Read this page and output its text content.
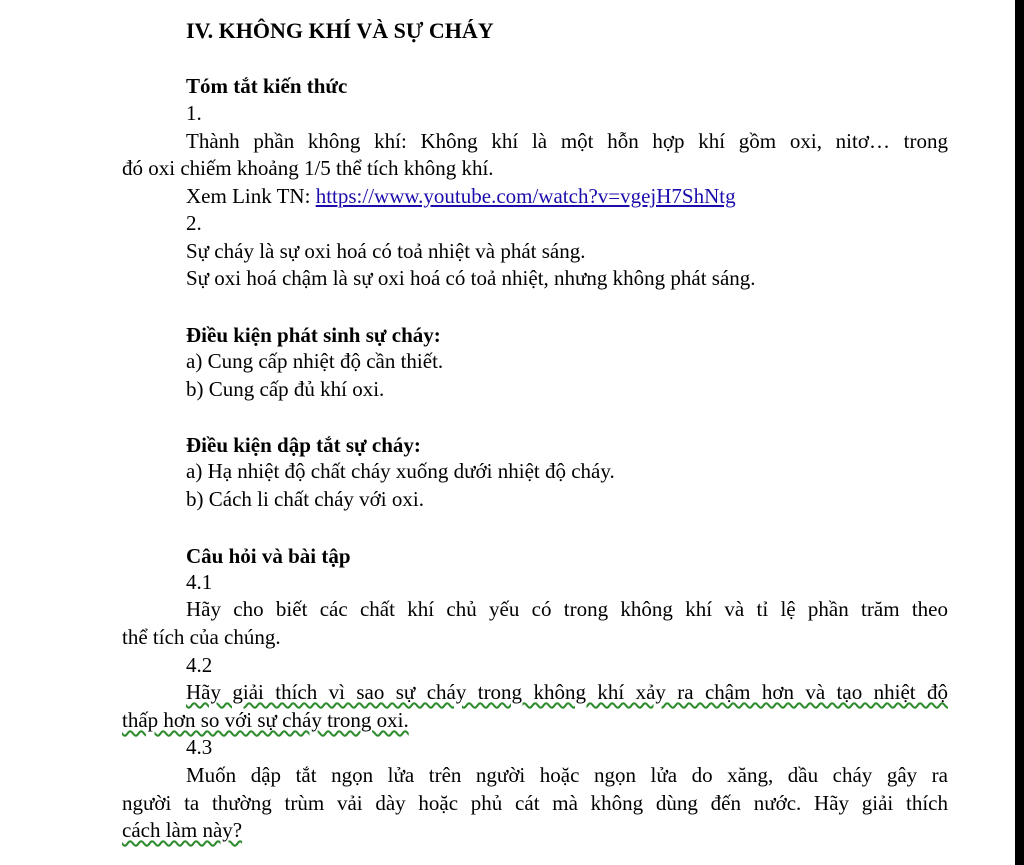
IV. KHÔNG KHÍ VÀ SỰ CHÁY
Tóm tắt kiến thức
1.
Thành phần không khí: Không khí là một hỗn hợp khí gồm oxi, nitơ… trong
đó oxi chiếm khoảng 1/5 thể tích không khí.
Xem Link TN: https://www.youtube.com/watch?v=vgejH7ShNtg
2.
Sự cháy là sự oxi hoá có toả nhiệt và phát sáng.
Sự oxi hoá chậm là sự oxi hoá có toả nhiệt, nhưng không phát sáng.
Điều kiện phát sinh sự cháy:
a) Cung cấp nhiệt độ cần thiết.
b) Cung cấp đủ khí oxi.
Điều kiện dập tắt sự cháy:
a) Hạ nhiệt độ chất cháy xuống dưới nhiệt độ cháy.
b) Cách li chất cháy với oxi.
Câu hỏi và bài tập
4.1
Hãy cho biết các chất khí chủ yếu có trong không khí và tỉ lệ phần trăm theo
thể tích của chúng.
4.2
Hãy giải thích vì sao sự cháy trong không khí xảy ra chậm hơn và tạo nhiệt độ
thấp hơn so với sự cháy trong oxi.
4.3
Muốn dập tắt ngọn lửa trên người hoặc ngọn lửa do xăng, dầu cháy gây ra
người ta thường trùm vải dày hoặc phủ cát mà không dùng đến nước. Hãy giải thích
cách làm này?
